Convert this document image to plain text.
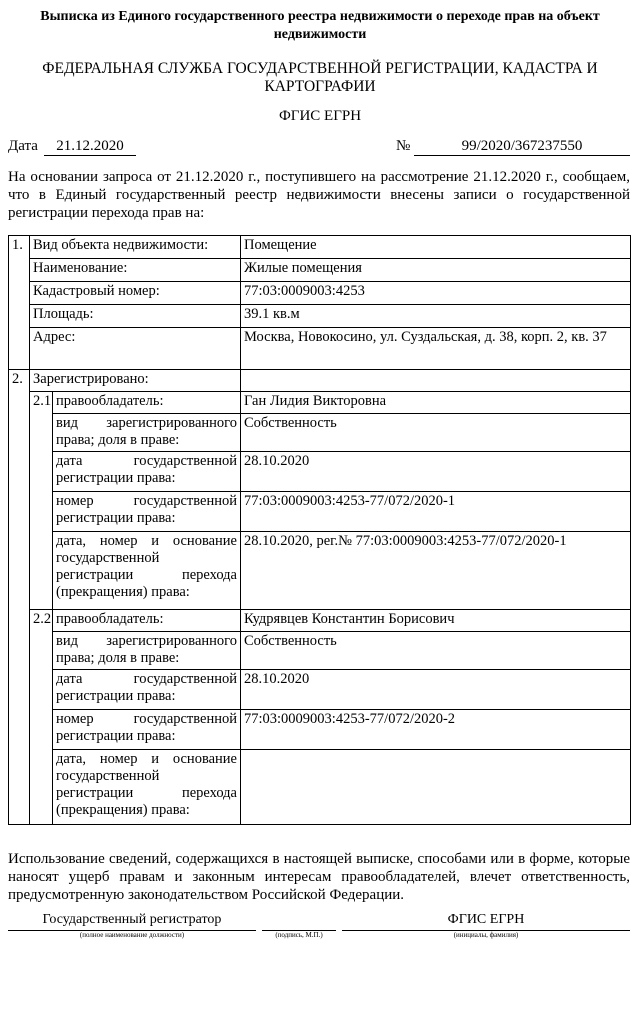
Выписка из Единого государственного реестра недвижимости о переходе прав на объект недвижимости
ФЕДЕРАЛЬНАЯ СЛУЖБА ГОСУДАРСТВЕННОЙ РЕГИСТРАЦИИ, КАДАСТРА И КАРТОГРАФИИ
ФГИС ЕГРН
Дата	21.12.2020	№	99/2020/367237550
На основании запроса от 21.12.2020 г., поступившего на рассмотрение 21.12.2020 г., сообщаем, что в Единый государственный реестр недвижимости внесены записи о государственной регистрации перехода прав на:
1.	Вид объекта недвижимости:		Помещение
	Наименование:		Жилые помещения
	Кадастровый номер:		77:03:0009003:4253
	Площадь:		39.1 кв.м
	Адрес:		Москва, Новокосино, ул. Суздальская, д. 38, корп. 2, кв. 37
2.	Зарегистрировано:		
	2.1	правообладатель:	Ган Лидия Викторовна
		вид зарегистрированного права; доля в праве:	Собственность
		дата государственной регистрации права:	28.10.2020
		номер государственной регистрации права:	77:03:0009003:4253-77/072/2020-1
		дата, номер и основание государственной регистрации перехода (прекращения) права:	28.10.2020, рег.№ 77:03:0009003:4253-77/072/2020-1
	2.2	правообладатель:	Кудрявцев Константин Борисович
		вид зарегистрированного права; доля в праве:	Собственность
		дата государственной регистрации права:	28.10.2020
		номер государственной регистрации права:	77:03:0009003:4253-77/072/2020-2
		дата, номер и основание государственной регистрации перехода (прекращения) права:	
Использование сведений, содержащихся в настоящей выписке, способами или в форме, которые наносят ущерб правам и законным интересам правообладателей, влечет ответственность, предусмотренную законодательством Российской Федерации.
Государственный регистратор	ФГИС ЕГРН
(полное наименование должности)	(подпись, М.П.)	(инициалы, фамилия)
